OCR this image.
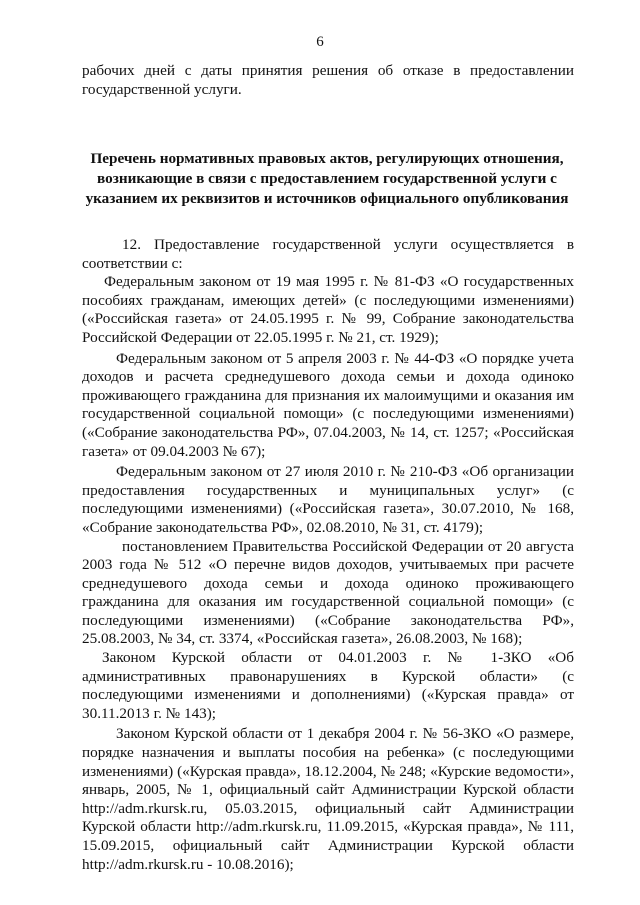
6
рабочих дней с даты принятия решения об отказе в предоставлении государственной услуги.
Перечень нормативных правовых актов, регулирующих отношения, возникающие в связи с предоставлением государственной услуги с указанием их реквизитов и источников официального опубликования

12. Предоставление государственной услуги осуществляется в соответствии с:

Федеральным законом от 19 мая 1995 г. № 81-ФЗ «О государственных пособиях гражданам, имеющих детей» (с последующими изменениями) («Российская газета» от 24.05.1995 г. № 99, Собрание законодательства Российской Федерации от 22.05.1995 г. № 21, ст. 1929);

Федеральным законом от 5 апреля 2003 г. № 44-ФЗ «О порядке учета доходов и расчета среднедушевого дохода семьи и дохода одиноко проживающего гражданина для признания их малоимущими и оказания им государственной социальной помощи» (с последующими изменениями) («Собрание законодательства РФ», 07.04.2003, № 14, ст. 1257; «Российская газета» от 09.04.2003 № 67);

Федеральным законом от 27 июля 2010 г. № 210-ФЗ «Об организации предоставления государственных и муниципальных услуг» (с последующими изменениями) («Российская газета», 30.07.2010, № 168, «Собрание законодательства РФ», 02.08.2010, № 31, ст. 4179);

постановлением Правительства Российской Федерации от 20 августа 2003 года № 512 «О перечне видов доходов, учитываемых при расчете среднедушевого дохода семьи и дохода одиноко проживающего гражданина для оказания им государственной социальной помощи» (с последующими изменениями) («Собрание законодательства РФ», 25.08.2003, № 34, ст. 3374, «Российская газета», 26.08.2003, № 168);

Законом Курской области от 04.01.2003 г. № 1-ЗКО «Об административных правонарушениях в Курской области» (с последующими изменениями и дополнениями) («Курская правда» от 30.11.2013 г. № 143);

Законом Курской области от 1 декабря 2004 г. № 56-ЗКО «О размере, порядке назначения и выплаты пособия на ребенка» (с последующими изменениями) («Курская правда», 18.12.2004, № 248; «Курские ведомости», январь, 2005, № 1, официальный сайт Администрации Курской области http://adm.rkursk.ru, 05.03.2015, официальный сайт Администрации Курской области http://adm.rkursk.ru, 11.09.2015, «Курская правда», № 111, 15.09.2015, официальный сайт Администрации Курской области http://adm.rkursk.ru - 10.08.2016);
